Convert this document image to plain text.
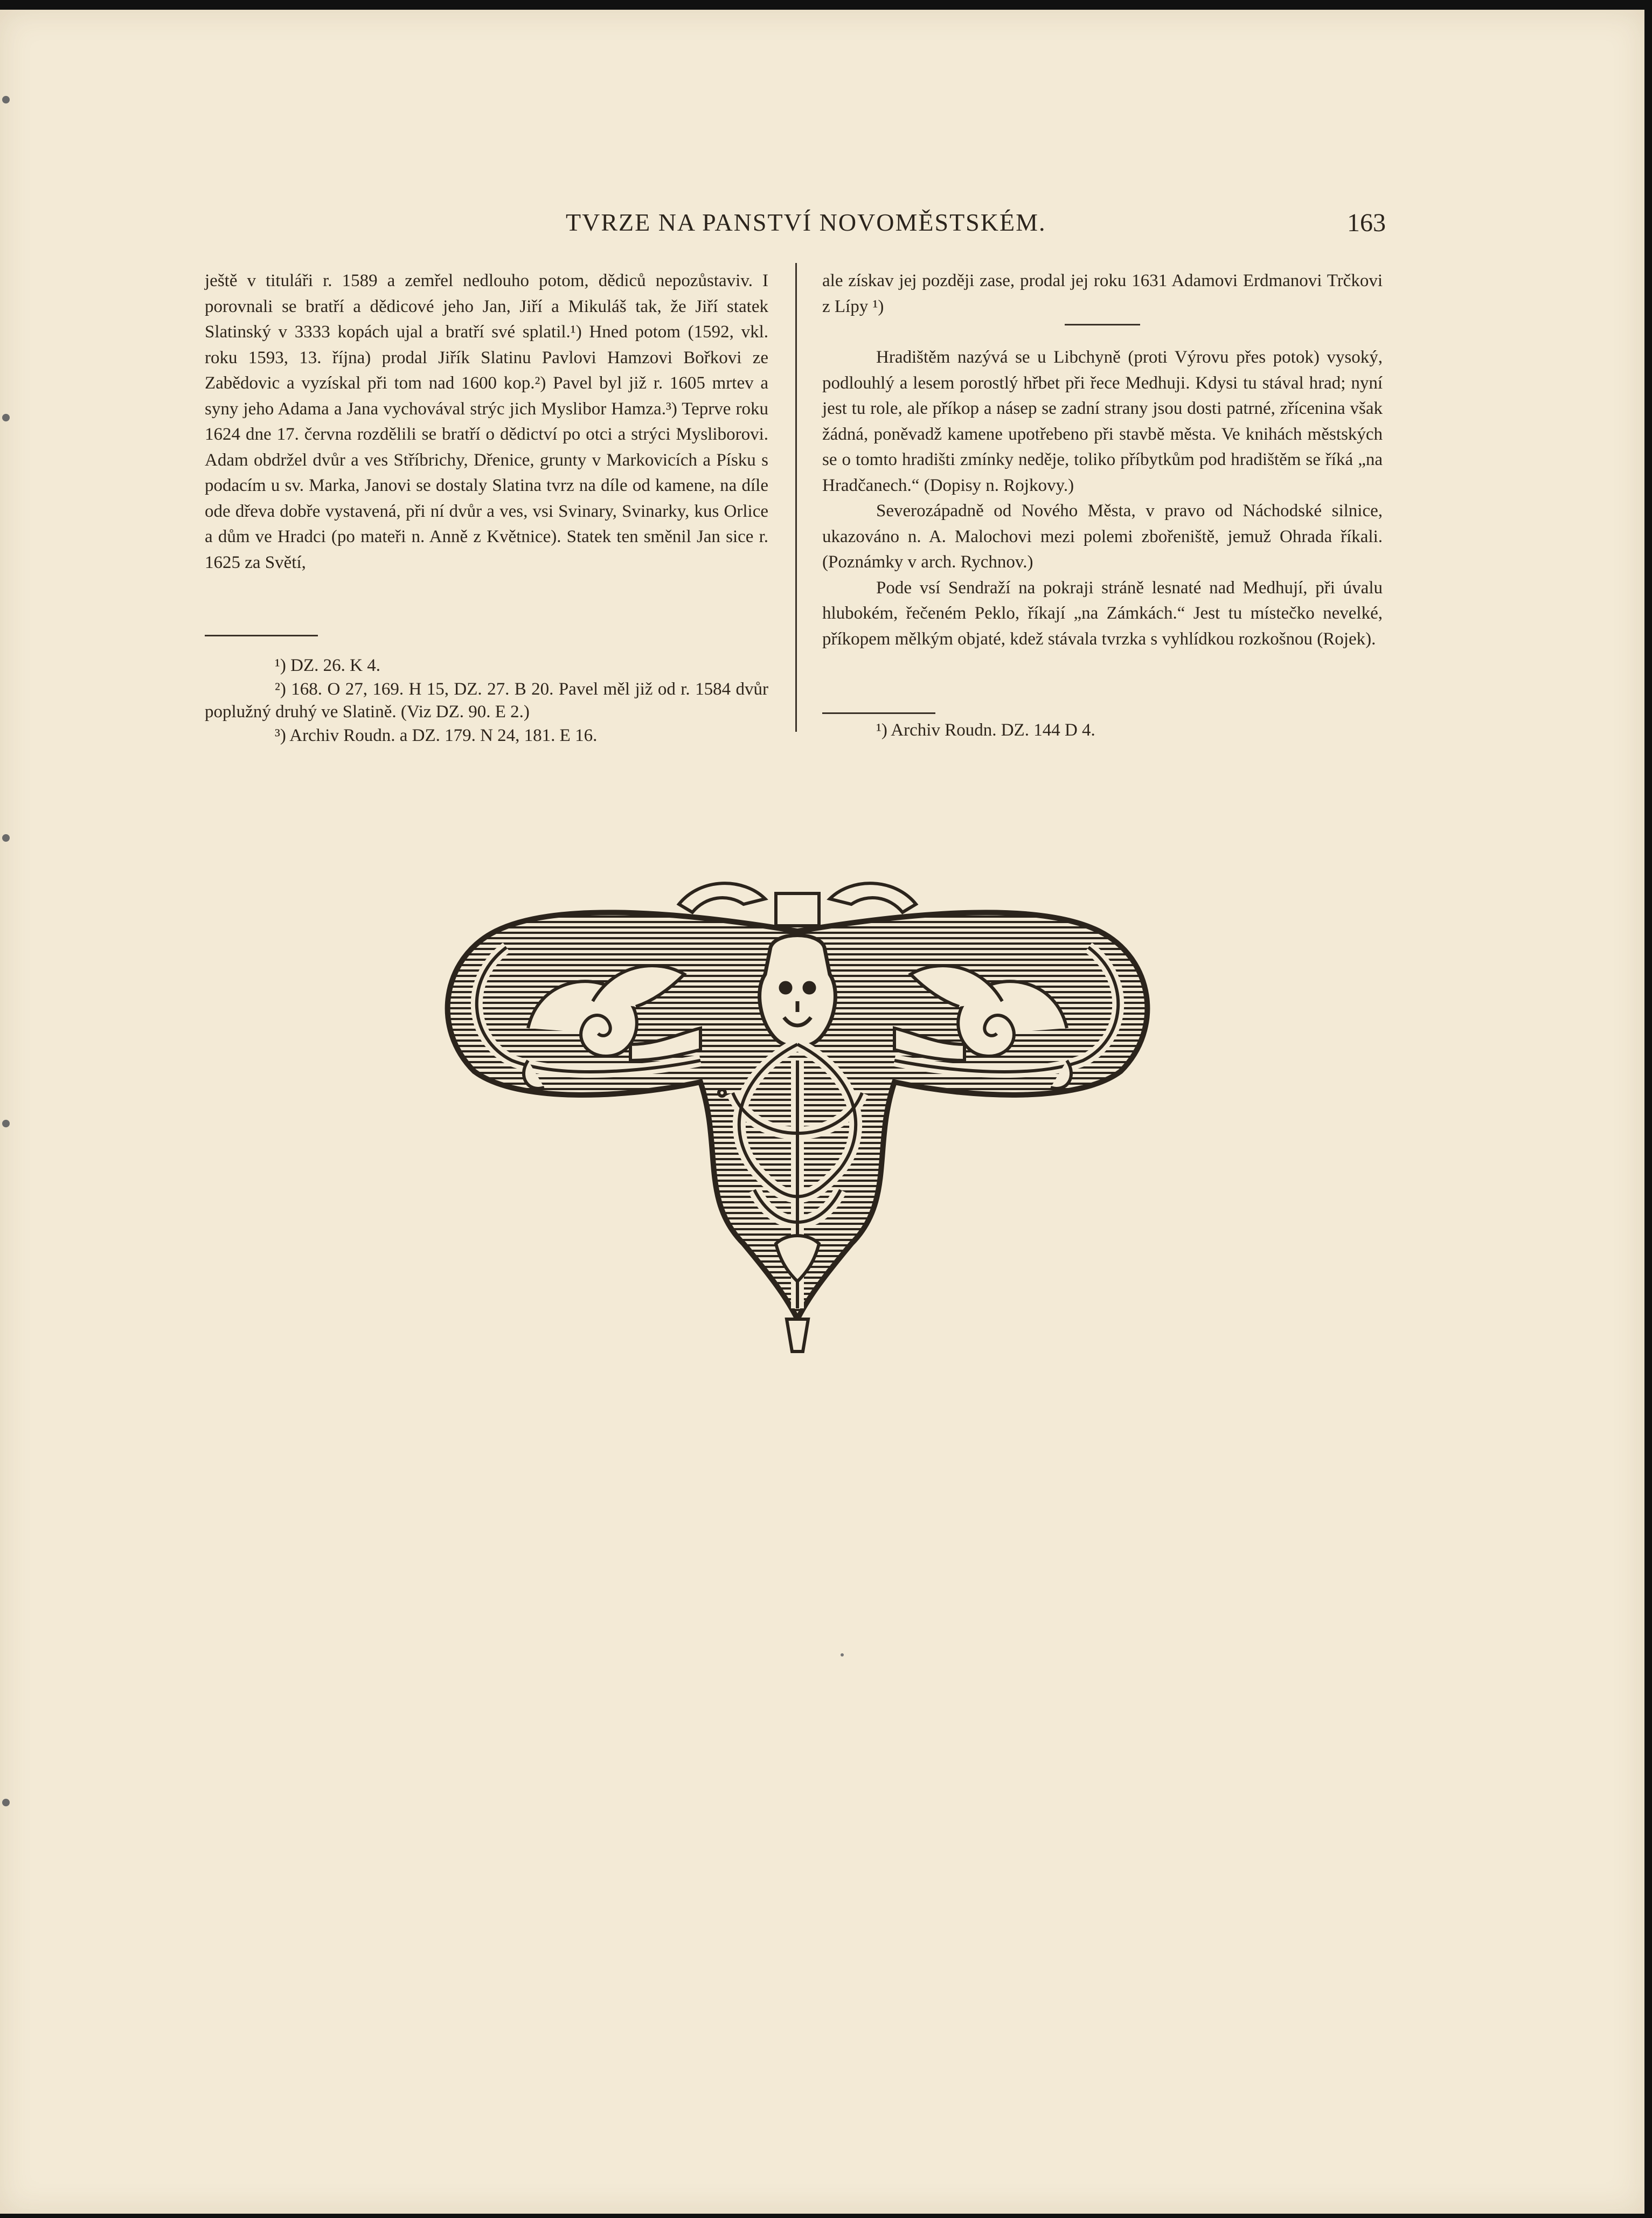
TVRZE NA PANSTVÍ NOVOMĚSTSKÉM.	163

ještě v tituláři r. 1589 a zemřel nedlouho potom, dědiců nepozůstaviv. I porovnali se bratří a dědicové jeho Jan, Jiří a Mikuláš tak, že Jiří statek Slatinský v 3333 kopách ujal a bratří své splatil.¹) Hned potom (1592, vkl. roku 1593, 13. října) prodal Jiřík Slatinu Pavlovi Hamzovi Bořkovi ze Zabědovic a vyzískal při tom nad 1600 kop.²) Pavel byl již r. 1605 mrtev a syny jeho Adama a Jana vychovával strýc jich Myslibor Hamza.³) Teprve roku 1624 dne 17. června rozdělili se bratří o dědictví po otci a strýci Mysliborovi. Adam obdržel dvůr a ves Stříbrichy, Dřenice, grunty v Markovicích a Písku s podacím u sv. Marka, Janovi se dostaly Slatina tvrz na díle od kamene, na díle ode dřeva dobře vystavená, při ní dvůr a ves, vsi Svinary, Svinarky, kus Orlice a dům ve Hradci (po mateři n. Anně z Květnice). Statek ten směnil Jan sice r. 1625 za Světí,

¹) DZ. 26. K 4.

²) 168. O 27, 169. H 15, DZ. 27. B 20. Pavel měl již od r. 1584 dvůr poplužný druhý ve Slatině. (Viz DZ. 90. E 2.)

³) Archiv Roudn. a DZ. 179. N 24, 181. E 16.

ale získav jej později zase, prodal jej roku 1631 Adamovi Erdmanovi Trčkovi z Lípy ¹)

Hradištěm nazývá se u Libchyně (proti Výrovu přes potok) vysoký, podlouhlý a lesem porostlý hřbet při řece Medhuji. Kdysi tu stával hrad; nyní jest tu role, ale příkop a násep se zadní strany jsou dosti patrné, zřícenina však žádná, poněvadž kamene upotřebeno při stavbě města. Ve knihách městských se o tomto hradišti zmínky neděje, toliko příbytkům pod hradištěm se říká „na Hradčanech.“ (Dopisy n. Rojkovy.)

Severozápadně od Nového Města, v pravo od Náchodské silnice, ukazováno n. A. Malochovi mezi polemi zbořeniště, jemuž Ohrada říkali. (Poznámky v arch. Rychnov.)

Pode vsí Sendraží na pokraji stráně lesnaté nad Medhují, při úvalu hlubokém, řečeném Peklo, říkají „na Zámkách.“ Jest tu místečko nevelké, příkopem mělkým objaté, kdež stávala tvrzka s vyhlídkou rozkošnou (Rojek).

¹) Archiv Roudn. DZ. 144 D 4.
